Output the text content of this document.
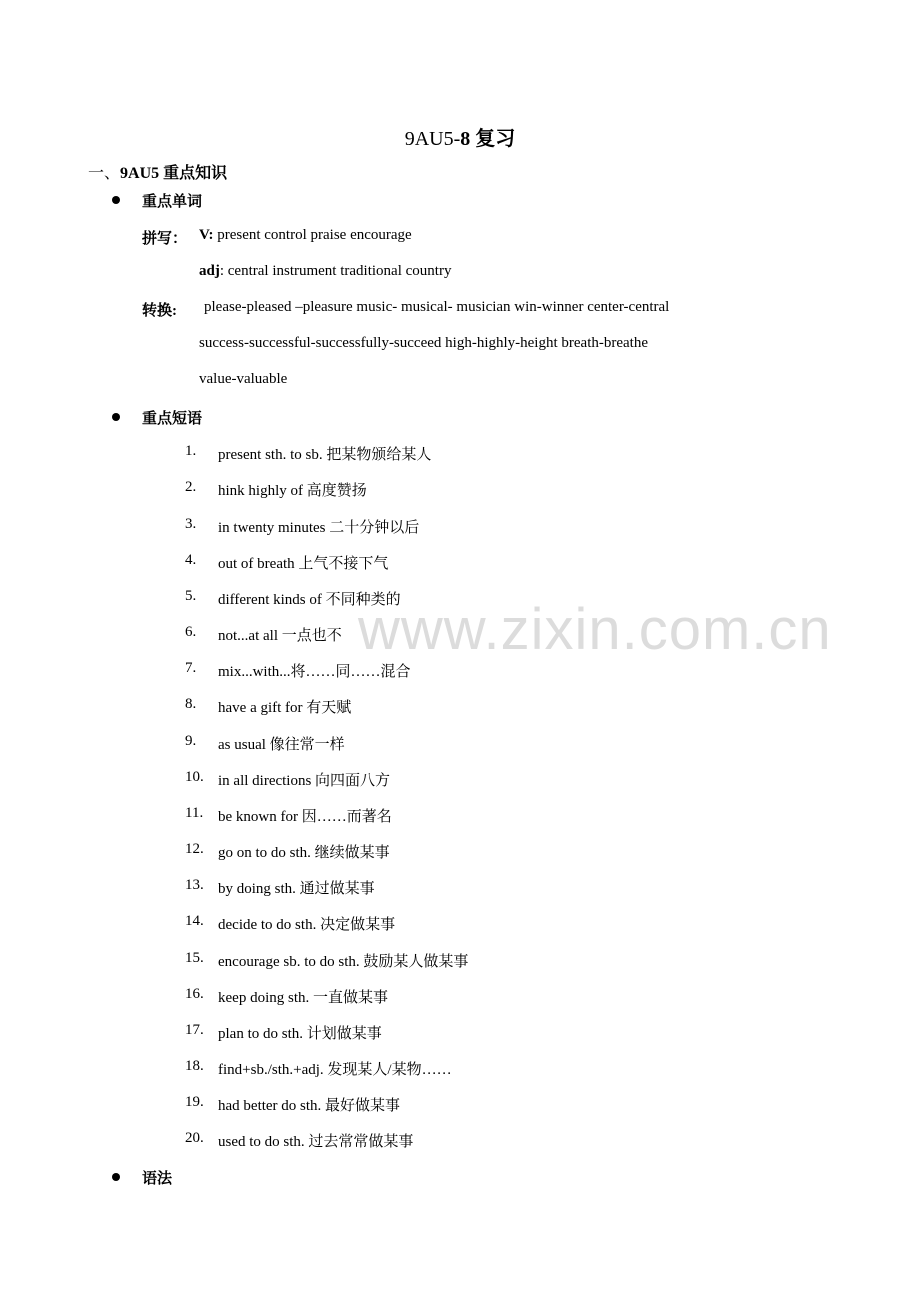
9AU5-8 复习
一、9AU5 重点知识
重点单词
拼写： V: present control praise encourage
adj: central instrument traditional country
转换: please-pleased –pleasure music- musical- musician win-winner center-central
success-successful-successfully-succeed high-highly-height breath-breathe
value-valuable
重点短语
1.	present sth. to sb. 把某物颁给某人
2.	hink highly of 高度赞扬
3.	in twenty minutes 二十分钟以后
4.	out of breath 上气不接下气
5.	different kinds of 不同种类的
6.	not...at all 一点也不
7.	mix...with...将……同……混合
8.	have a gift for 有天赋
9.	as usual 像往常一样
10. in all directions 向四面八方
11. be known for 因……而著名
12. go on to do sth. 继续做某事
13. by doing sth. 通过做某事
14. decide to do sth. 决定做某事
15. encourage sb. to do sth. 鼓励某人做某事
16. keep doing sth. 一直做某事
17. plan to do sth. 计划做某事
18. find+sb./sth.+adj. 发现某人/某物……
19. had better do sth. 最好做某事
20. used to do sth. 过去常常做某事
语法
www.zixin.com.cn
